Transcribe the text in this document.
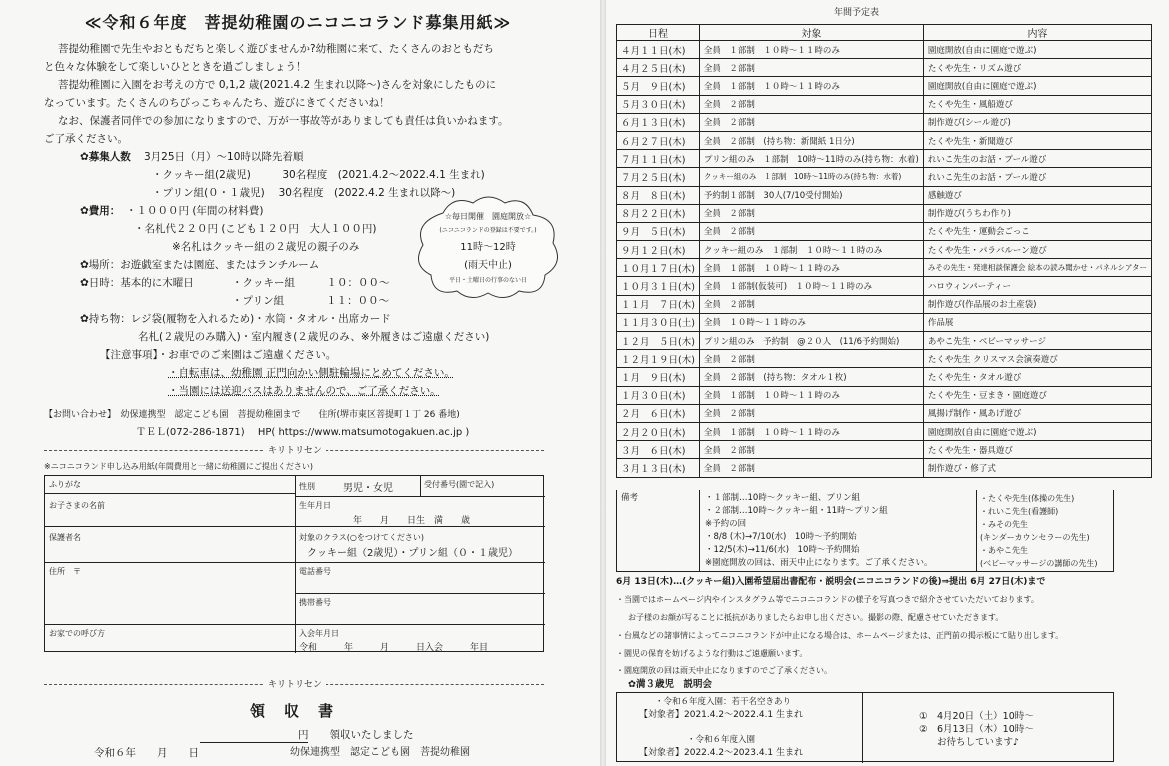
≪令和６年度　菩提幼稚園のニコニコランド募集用紙≫
菩提幼稚園で先生やおともだちと楽しく遊びませんか?幼稚園に来て、たくさんのおともだち
と色々な体験をして楽しいひとときを過ごしましょう！
菩提幼稚園に入園をお考えの方で 0,1,2 歳(2021.4.2 生まれ以降～)さんを対象にしたものに
なっています。たくさんのちびっこちゃんたち、遊びにきてくださいね！
なお、保護者同伴での参加になりますので、万が一事故等がありましても責任は負いかねます。
ご了承ください。
✿募集人数 3月25日（月）～10時以降先着順
・クッキー組(2歳児)　　　30名程度　(2021.4.2～2022.4.1 生まれ)
・プリン組(０・１歳児)　 30名程度　(2022.4.2 生まれ以降～)
✿費用： ・１０００円 (年間の材料費)
・名札代２２０円 (こども１２０円　大人１００円)
※名札はクッキー組の２歳児の親子のみ
✿場所：お遊戯室または園庭、またはランチルーム
✿日時：基本的に木曜日	・クッキー組　　　１０：００～
・プリン組　　　　１１：００～
✿持ち物：レジ袋(履物を入れるため)・水筒・タオル・出席カード
名札(２歳児のみ購入)・室内履き(２歳児のみ、※外履きはご遠慮ください)
【注意事項】・お車でのご来園はご遠慮ください。
・自転車は、幼稚園 正門向かい側駐輪場にとめてください。
・当園には送迎バスはありませんので、ご了承ください。
☆毎日開催　園庭開放☆
(ニコニコランドの登録は不要です。)
11時～12時
(雨天中止)
平日・土曜日の行事のない日
【お問い合わせ】　幼保連携型　認定こども園　菩提幼稚園まで　　住所(堺市東区菩提町１丁 26 番地)
ＴＥＬ(072-286-1871)　 HP( https://www.matsumotogakuen.ac.jp )
キリトリセン
※ニコニコランド申し込み用紙(年間費用と一緒に幼稚園にご提出ください)
ふりがな	性別	男児・女児	受付番号(園で記入)
お子さまの名前	生年月日
年　　月　　日生　満　　歳
保護者名	対象のクラス(○をつけてください)
クッキー組（2歳児）・プリン組（０・１歳児）
住所　〒	電話番号
携帯番号
お家での呼び方	入会年月日
令和　　　年　　　月　　　日入会　　　年目
キリトリセン
領　収　書
円　　領収いたしました
令和６年　　月　　日	幼保連携型　認定こども園　菩提幼稚園
年間予定表
日程	対象	内容
４月１１日(木)	全員　１部制　１０時～１１時のみ	園庭開放(自由に園庭で遊ぶ)
４月２５日(木)	全員　２部制	たくや先生・リズム遊び
５月　９日(木)	全員　１部制　１０時～１１時のみ	園庭開放(自由に園庭で遊ぶ)
５月３０日(木)	全員　２部制	たくや先生・風船遊び
６月１３日(木)	全員　２部制	制作遊び(シール遊び)
６月２７日(木)	全員　２部制　(持ち物：新聞紙 1日分)	たくや先生・新聞遊び
７月１１日(木)	プリン組のみ　１部制　10時～11時のみ(持ち物：水着)	れいこ先生のお話・プール遊び
７月２５日(木)	クッキー組のみ　１部制　10時～11時のみ(持ち物：水着)	れいこ先生のお話・プール遊び
８月　８日(木)	予約制１部制　30人(7/10受付開始)	感触遊び
８月２２日(木)	全員　２部制	制作遊び(うちわ作り)
９月　５日(木)	全員　２部制	たくや先生・運動会ごっこ
９月１２日(木)	クッキー組のみ　１部制　１０時～１１時のみ	たくや先生・パラバルーン遊び
１０月１７日(木)	全員　１部制　１０時～１１時のみ	みその先生・発達相談保護会 絵本の読み聞かせ・パネルシアター
１０月３１日(木)	全員　１部制(仮装可)　１０時～１１時のみ	ハロウィンパーティー
１１月　７日(木)	全員　２部制	制作遊び(作品展のお土産袋)
１１月３０日(土)	全員　１０時～１１時のみ	作品展
１２月　５日(木)	プリン組のみ　予約制　@２０人　(11/6予約開始)	あやこ先生・ベビーマッサージ
１２月１９日(木)	全員　２部制	たくや先生 クリスマス会演奏遊び
１月　９日(木)	全員　２部制　(持ち物：タオル１枚)	たくや先生・タオル遊び
１月３０日(木)	全員　１部制　１０時～１１時のみ	たくや先生・豆まき・園庭遊び
２月　６日(木)	全員　２部制	風揚げ制作・風あげ遊び
２月２０日(木)	全員　１部制　１０時～１１時のみ	園庭開放(自由に園庭で遊ぶ)
３月　６日(木)	全員　２部制	たくや先生・器具遊び
３月１３日(木)	全員　２部制	制作遊び・修了式
備考	・１部制…10時～クッキー組、プリン組
・２部制…10時～クッキー組・11時～プリン組
※予約の回
・8/8 (木)→7/10(水)　10時～予約開始
・12/5(木)→11/6(水)　10時～予約開始
※園庭開放の回は、雨天中止になります。ご了承ください。
・たくや先生(体操の先生)
・れいこ先生(看護師)
・みその先生
(キンダーカウンセラーの先生)
・あやこ先生
(ベビーマッサージの講師の先生)
6月 13日(木)…(クッキー組)入園希望届出書配布・説明会(ニコニコランドの後)⇒提出 6月 27日(木)まで
・当園ではホームページ内やインスタグラム等でニコニコランドの様子を写真つきで紹介させていただいております。
お子様のお顔が写ることに抵抗がありましたらお申し出ください。撮影の際、配慮させていただきます。
・台風などの諸事情によってニコニコランドが中止になる場合は、ホームページまたは、正門前の掲示板にて貼り出します。
・園児の保育を妨げるような行動はご遠慮願います。
・園庭開放の回は雨天中止になりますのでご了承ください。
✿満３歳児　説明会
・令和６年度入園：若干名空きあり
【対象者】2021.4.2～2022.4.1 生まれ
・令和６年度入園
【対象者】2022.4.2～2023.4.1 生まれ
①　4月20日（土）10時～
②　6月13日（木）10時～
お待ちしています♪
